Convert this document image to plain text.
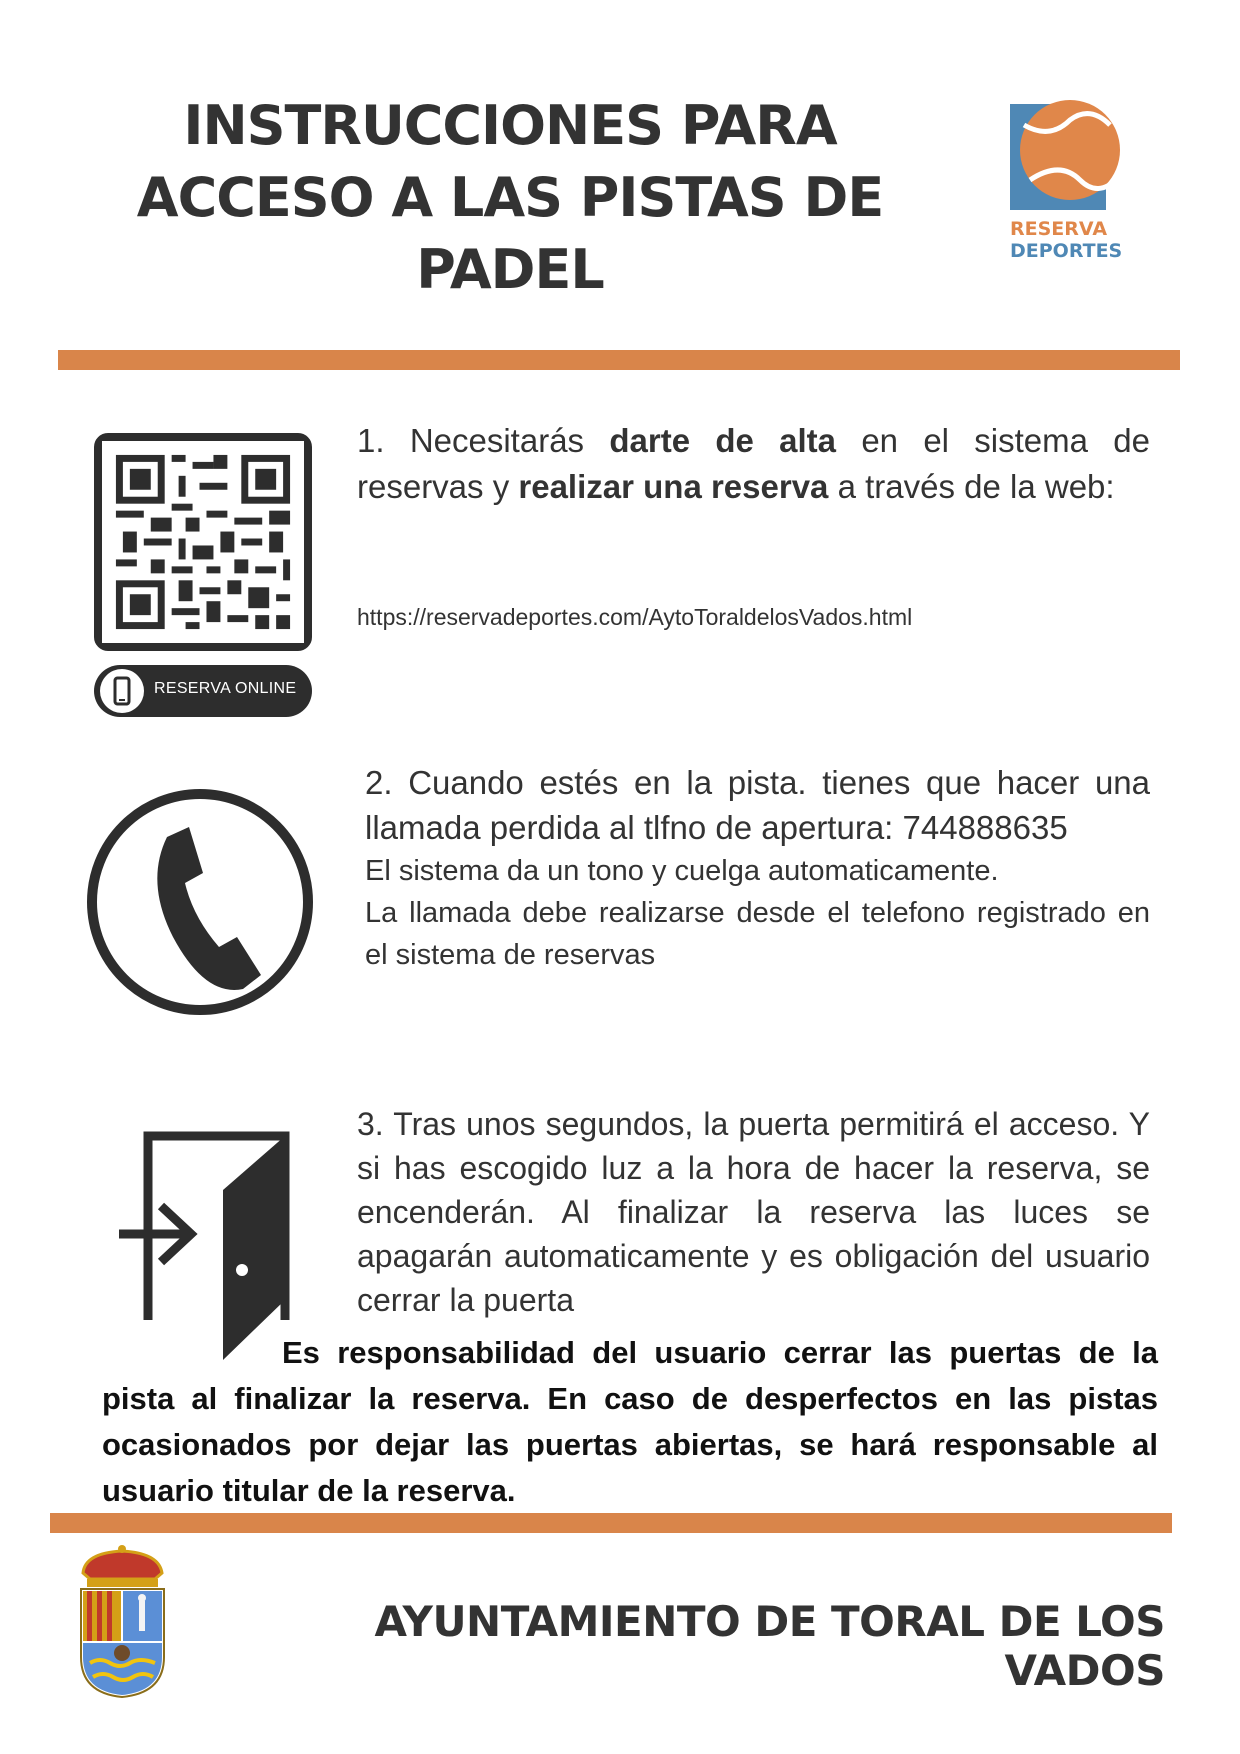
INSTRUCCIONES PARA
ACCESO A LAS PISTAS DE PADEL
RESERVA
DEPORTES
RESERVA ONLINE
1. Necesitarás darte de alta en el sistema de reservas y realizar una reserva a través de la web:
https://reservadeportes.com/AytoToraldelosVados.html
2. Cuando estés en la pista. tienes que hacer una llamada perdida al tlfno de apertura: 744888635
El sistema da un tono y cuelga automaticamente.
La llamada debe realizarse desde el telefono registrado en el sistema de reservas
3. Tras unos segundos, la puerta permitirá el acceso. Y si has escogido luz a la hora de hacer la reserva, se encenderán. Al finalizar la reserva las luces se apagarán automaticamente y es obligación del usuario cerrar la puerta
Es responsabilidad del usuario cerrar las puertas de la pista al finalizar la reserva. En caso de desperfectos en las pistas ocasionados por dejar las puertas abiertas, se hará responsable al usuario titular de la reserva.
AYUNTAMIENTO DE TORAL DE LOS VADOS
